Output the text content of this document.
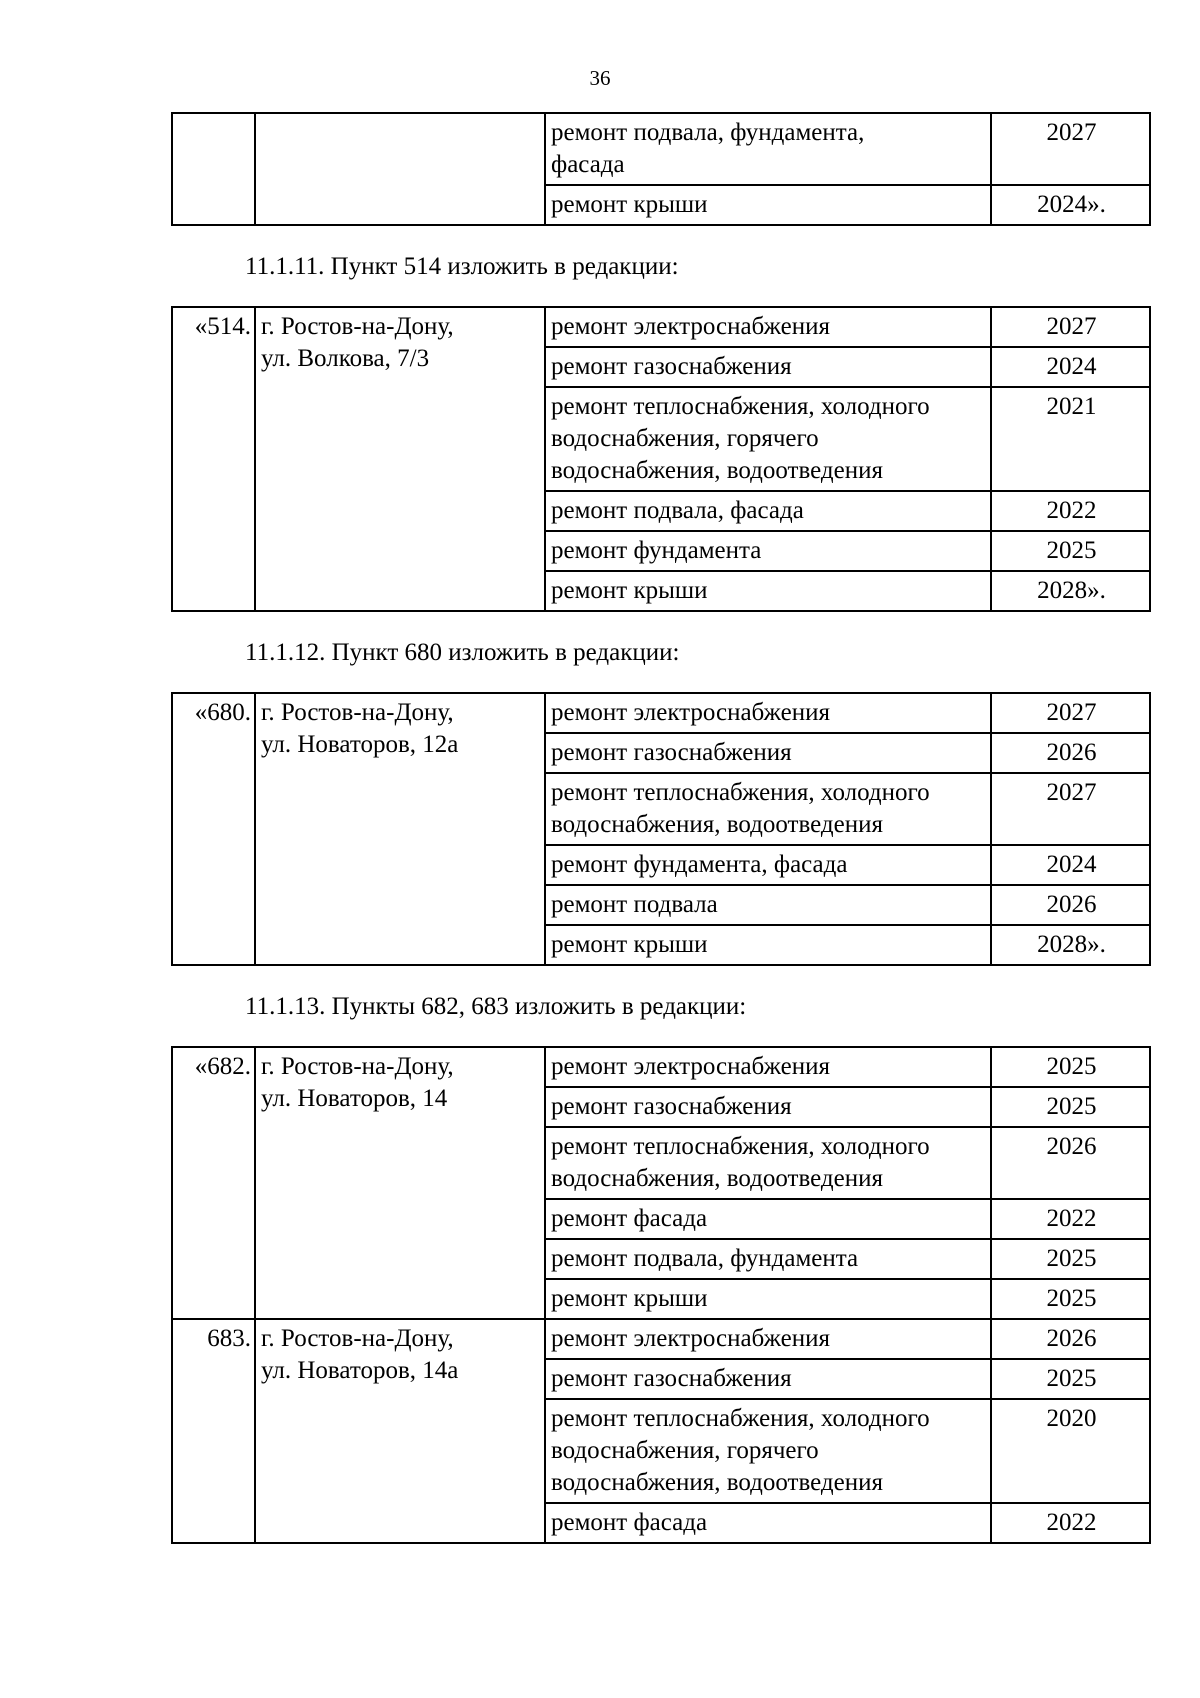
36

		ремонт подвала, фундамента,
фасада	2027

		ремонт крыши	2024».
11.1.11. Пункт 514 изложить в редакции:
«514.	г. Ростов-на-Дону,
ул. Волкова, 7/3	ремонт электроснабжения	2027

		ремонт газоснабжения	2024

		ремонт теплоснабжения, холодного
водоснабжения, горячего
водоснабжения, водоотведения	2021

		ремонт подвала, фасада	2022

		ремонт фундамента	2025

		ремонт крыши	2028».
11.1.12. Пункт 680 изложить в редакции:
«680.	г. Ростов-на-Дону,
ул. Новаторов, 12а	ремонт электроснабжения	2027

		ремонт газоснабжения	2026

		ремонт теплоснабжения, холодного
водоснабжения, водоотведения	2027

		ремонт фундамента, фасада	2024

		ремонт подвала	2026

		ремонт крыши	2028».
11.1.13. Пункты 682, 683 изложить в редакции:
«682.	г. Ростов-на-Дону,
ул. Новаторов, 14	ремонт электроснабжения	2025

		ремонт газоснабжения	2025

		ремонт теплоснабжения, холодного
водоснабжения, водоотведения	2026

		ремонт фасада	2022

		ремонт подвала, фундамента	2025

		ремонт крыши	2025
683.	г. Ростов-на-Дону,
ул. Новаторов, 14а	ремонт электроснабжения	2026

		ремонт газоснабжения	2025

		ремонт теплоснабжения, холодного
водоснабжения, горячего
водоснабжения, водоотведения	2020

		ремонт фасада	2022
